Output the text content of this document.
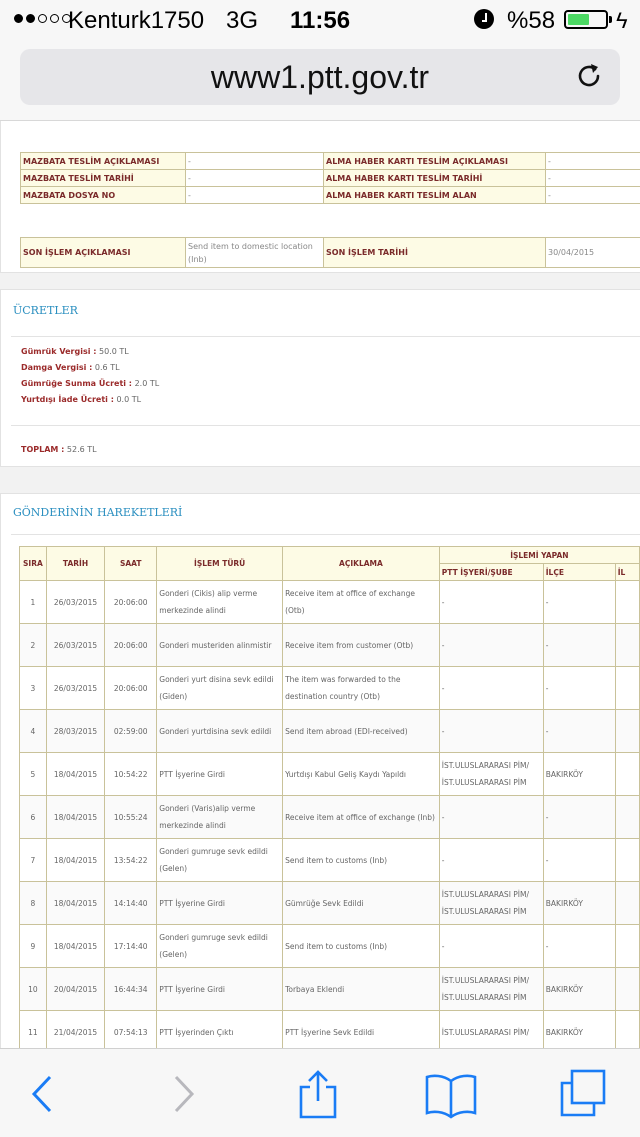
Kenturk1750 3G 11:56	%58	ϟ
www1.ptt.gov.tr
MAZBATA TESLİM AÇIKLAMASI	-	ALMA HABER KARTI TESLİM AÇIKLAMASI	-
MAZBATA TESLİM TARİHİ	-	ALMA HABER KARTI TESLİM TARİHİ	-
MAZBATA DOSYA NO	-	ALMA HABER KARTI TESLİM ALAN	-
SON İŞLEM AÇIKLAMASI	Send item to domestic location (Inb)	SON İŞLEM TARİHİ	30/04/2015
ÜCRETLER
Gümrük Vergisi : 50.0 TL
Damga Vergisi : 0.6 TL
Gümrüğe Sunma Ücreti : 2.0 TL
Yurtdışı İade Ücreti : 0.0 TL
TOPLAM : 52.6 TL
GÖNDERİNİN HAREKETLERİ
SIRA	TARİH	SAAT	İŞLEM TÜRÜ	AÇIKLAMA	İŞLEMİ YAPAN		
					PTT İŞYERİ/ŞUBE	İLÇE	İL
1	26/03/2015	20:06:00	Gonderi (Cikis) alip verme merkezinde alindi	Receive item at office of exchange (Otb)	-	-	
2	26/03/2015	20:06:00	Gonderi musteriden alinmistir	Receive item from customer (Otb)	-	-	
3	26/03/2015	20:06:00	Gonderi yurt disina sevk edildi (Giden)	The item was forwarded to the destination country (Otb)	-	-	
4	28/03/2015	02:59:00	Gonderi yurtdisina sevk edildi	Send item abroad (EDI-received)	-	-	
5	18/04/2015	10:54:22	PTT İşyerine Girdi	Yurtdışı Kabul Geliş Kaydı Yapıldı	İST.ULUSLARARASI PİM/ İST.ULUSLARARASI PİM	BAKIRKÖY	
6	18/04/2015	10:55:24	Gonderi (Varis)alip verme merkezinde alindi	Receive item at office of exchange (Inb)	-	-	
7	18/04/2015	13:54:22	Gonderi gumruge sevk edildi (Gelen)	Send item to customs (Inb)	-	-	
8	18/04/2015	14:14:40	PTT İşyerine Girdi	Gümrüğe Sevk Edildi	İST.ULUSLARARASI PİM/ İST.ULUSLARARASI PİM	BAKIRKÖY	
9	18/04/2015	17:14:40	Gonderi gumruge sevk edildi (Gelen)	Send item to customs (Inb)	-	-	
10	20/04/2015	16:44:34	PTT İşyerine Girdi	Torbaya Eklendi	İST.ULUSLARARASI PİM/ İST.ULUSLARARASI PİM	BAKIRKÖY	
11	21/04/2015	07:54:13	PTT İşyerinden Çıktı	PTT İşyerine Sevk Edildi	İST.ULUSLARARASI PİM/	BAKIRKÖY	
